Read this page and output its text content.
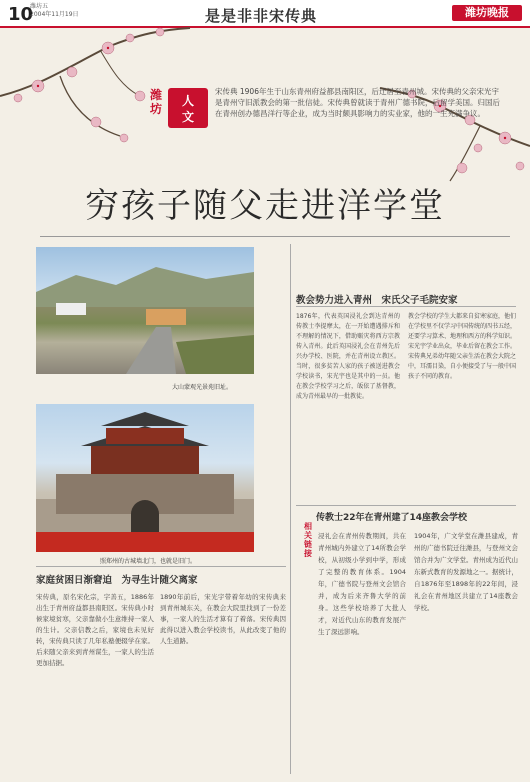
10
潍坊五
2004年11月19日	是是非非宋传典	潍坊晚报
潍
坊
人
文
宋传典 1906年生于山东青州府益都县南阳区，后迁居至青州城。宋传典的父亲宋光宇是青州守旧派教会的第一批信徒。宋传典曾就读于青州广德书院，后留学美国。归国后在青州创办德昌洋行等企业，成为当时颇具影响力的实业家，他的一生充满争议。
穷孩子随父走进洋学堂
大山蒙观光景苑旧址。
照郑州的古城墙北门，也就是旧门。
教会势力进入青州　宋氏父子毛院安家
1876年，代表英国浸礼会到达青州的传教士李提摩太，在一开始遭遇排斥和不理解的情况下，借助赈灾将西方宗教传入青州。此后英国浸礼会在青州先后兴办学校、医院，并在青州设立教区。当时，很多贫苦人家的孩子被送进教会学校读书，宋光宇也是其中的一员。他在教会学校学习之后，皈依了基督教，成为青州最早的一批教徒。
教会学校的学生大都来自贫寒家庭，他们在学校里不仅学习中国传统的四书五经，还要学习算术、地理和西方的科学知识。宋光宇学业出众，毕业后留在教会工作。宋传典兄弟幼年随父亲生活在教会大院之中，耳濡目染，自小便接受了与一般中国孩子不同的教育。
传教士22年在青州建了14座教会学校
相关链接
浸礼会在青州传教期间，共在青州城内外建立了14所教会学校，从初级小学到中学，形成了完整的教育体系。1904年，广德书院与登州文会馆合并，成为后来齐鲁大学的前身。这些学校培养了大批人才，对近代山东的教育发展产生了深远影响。
1904年，广文学堂在潍县建成，青州的广德书院迁往潍县，与登州文会馆合并为广文学堂。青州成为近代山东新式教育的发源地之一。据统计，自1876年至1898年的22年间，浸礼会在青州地区共建立了14座教会学校。
家庭贫困日渐窘迫　为寻生计随父离家
宋传典，原名宋化宗，字善五，1886年出生于青州府益都县南阳区。宋传典小时候家境贫寒，父亲靠做小生意维持一家人的生计。父亲信教之后，家境也未见好转，宋传典只读了几年私塾便辍学在家。后来随父亲来到青州谋生，一家人的生活更加拮据。
1890年前后，宋光宇带着年幼的宋传典来到青州城东关，在教会大院里找到了一份差事，一家人的生活才算有了着落。宋传典因此得以进入教会学校读书，从此改变了他的人生道路。
